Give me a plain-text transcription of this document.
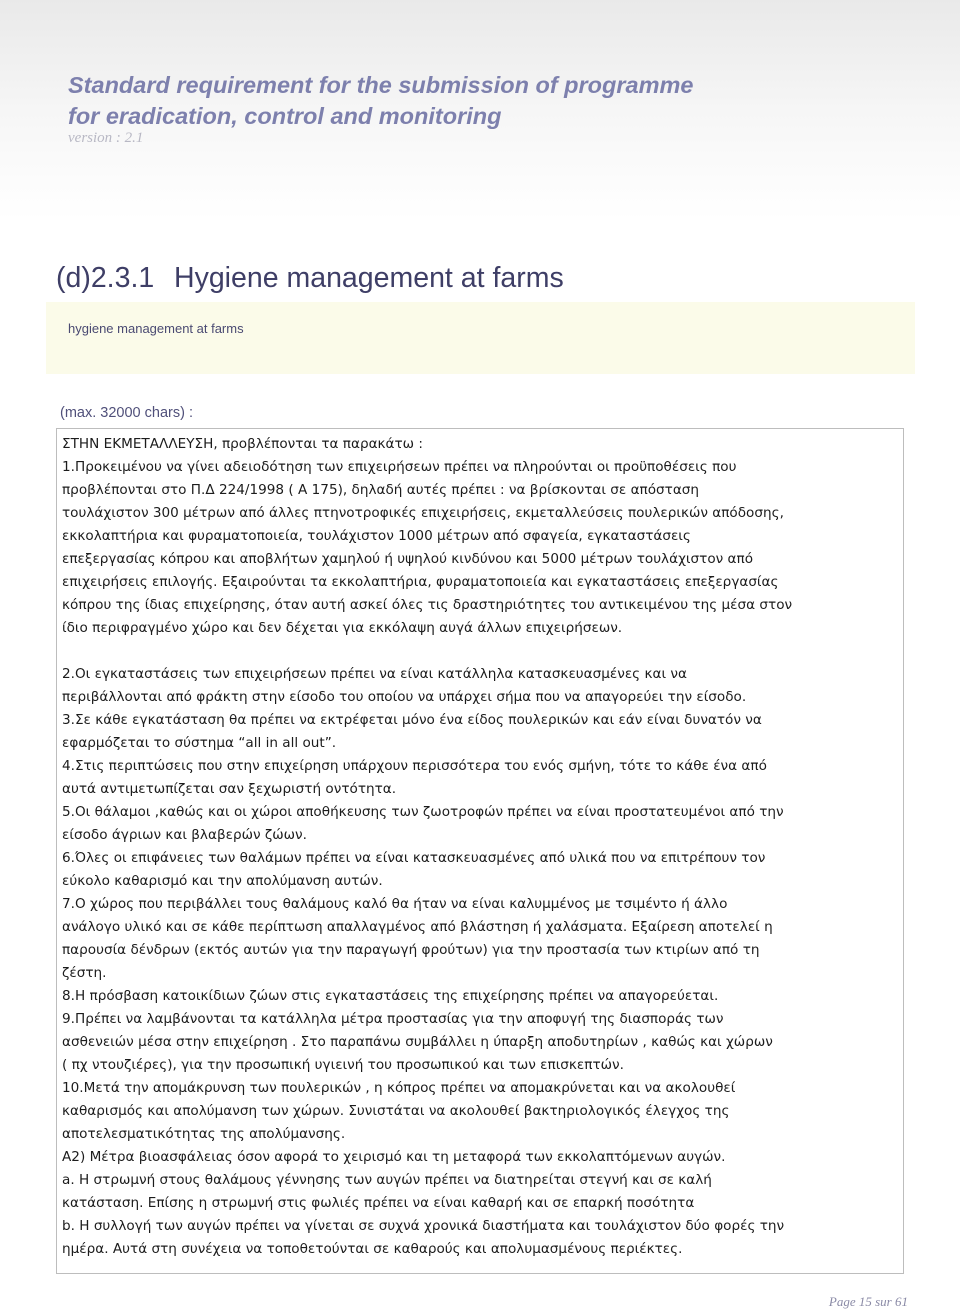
Standard requirement for the submission of programme
for eradication, control and monitoring
version : 2.1
(d)2.3.1 Hygiene management at farms
hygiene management at farms
(max. 32000 chars) :
ΣΤΗΝ ΕΚΜΕΤΑΛΛΕΥΣΗ, προβλέπονται τα παρακάτω :
1.Προκειμένου να γίνει αδειοδότηση των επιχειρήσεων πρέπει να πληρούνται οι προϋποθέσεις που
προβλέπονται στο Π.Δ 224/1998 ( Α 175), δηλαδή αυτές πρέπει : να βρίσκονται σε απόσταση
τουλάχιστον 300 μέτρων από άλλες πτηνοτροφικές επιχειρήσεις, εκμεταλλεύσεις πουλερικών απόδοσης,
εκκολαπτήρια και φυραματοποιεία, τουλάχιστον 1000 μέτρων από σφαγεία, εγκαταστάσεις
επεξεργασίας κόπρου και αποβλήτων χαμηλού ή υψηλού κινδύνου και 5000 μέτρων τουλάχιστον από
επιχειρήσεις επιλογής. Εξαιρούνται τα εκκολαπτήρια, φυραματοποιεία και εγκαταστάσεις επεξεργασίας
κόπρου της ίδιας επιχείρησης, όταν αυτή ασκεί όλες τις δραστηριότητες του αντικειμένου της μέσα στον
ίδιο περιφραγμένο χώρο και δεν δέχεται για εκκόλαψη αυγά άλλων επιχειρήσεων.
2.Οι εγκαταστάσεις των επιχειρήσεων πρέπει να είναι κατάλληλα κατασκευασμένες και να
περιβάλλονται από φράκτη στην είσοδο του οποίου να υπάρχει σήμα που να απαγορεύει την είσοδο.
3.Σε κάθε εγκατάσταση θα πρέπει να εκτρέφεται μόνο ένα είδος πουλερικών και εάν είναι δυνατόν να
εφαρμόζεται το σύστημα “all in all out”.
4.Στις περιπτώσεις που στην επιχείρηση υπάρχουν περισσότερα του ενός σμήνη, τότε το κάθε ένα από
αυτά αντιμετωπίζεται σαν ξεχωριστή οντότητα.
5.Οι θάλαμοι ,καθώς και οι χώροι αποθήκευσης των ζωοτροφών πρέπει να είναι προστατευμένοι από την
είσοδο άγριων και βλαβερών ζώων.
6.Όλες οι επιφάνειες των θαλάμων πρέπει να είναι κατασκευασμένες από υλικά που να επιτρέπουν τον
εύκολο καθαρισμό και την απολύμανση αυτών.
7.Ο χώρος που περιβάλλει τους θαλάμους καλό θα ήταν να είναι καλυμμένος με τσιμέντο ή άλλο
ανάλογο υλικό και σε κάθε περίπτωση απαλλαγμένος από βλάστηση ή χαλάσματα. Εξαίρεση αποτελεί η
παρουσία δένδρων (εκτός αυτών για την παραγωγή φρούτων) για την προστασία των κτιρίων από τη
ζέστη.
8.Η πρόσβαση κατοικίδιων ζώων στις εγκαταστάσεις της επιχείρησης πρέπει να απαγορεύεται.
9.Πρέπει να λαμβάνονται τα κατάλληλα μέτρα προστασίας για την αποφυγή της διασποράς των
ασθενειών μέσα στην επιχείρηση . Στο παραπάνω συμβάλλει η ύπαρξη αποδυτηρίων , καθώς και χώρων
( πχ ντουζιέρες), για την προσωπική υγιεινή του προσωπικού και των επισκεπτών.
10.Μετά την απομάκρυνση των πουλερικών , η κόπρος πρέπει να απομακρύνεται και να ακολουθεί
καθαρισμός και απολύμανση των χώρων. Συνιστάται να ακολουθεί βακτηριολογικός έλεγχος της
αποτελεσματικότητας της απολύμανσης.
Α2) Μέτρα βιοασφάλειας όσον αφορά το χειρισμό και τη μεταφορά των εκκολαπτόμενων αυγών.
a. Η στρωμνή στους θαλάμους γέννησης των αυγών πρέπει να διατηρείται στεγνή και σε καλή
κατάσταση. Επίσης η στρωμνή στις φωλιές πρέπει να είναι καθαρή και σε επαρκή ποσότητα
b. Η συλλογή των αυγών πρέπει να γίνεται σε συχνά χρονικά διαστήματα και τουλάχιστον δύο φορές την
ημέρα. Αυτά στη συνέχεια να τοποθετούνται σε καθαρούς και απολυμασμένους περιέκτες.
Page 15 sur 61
